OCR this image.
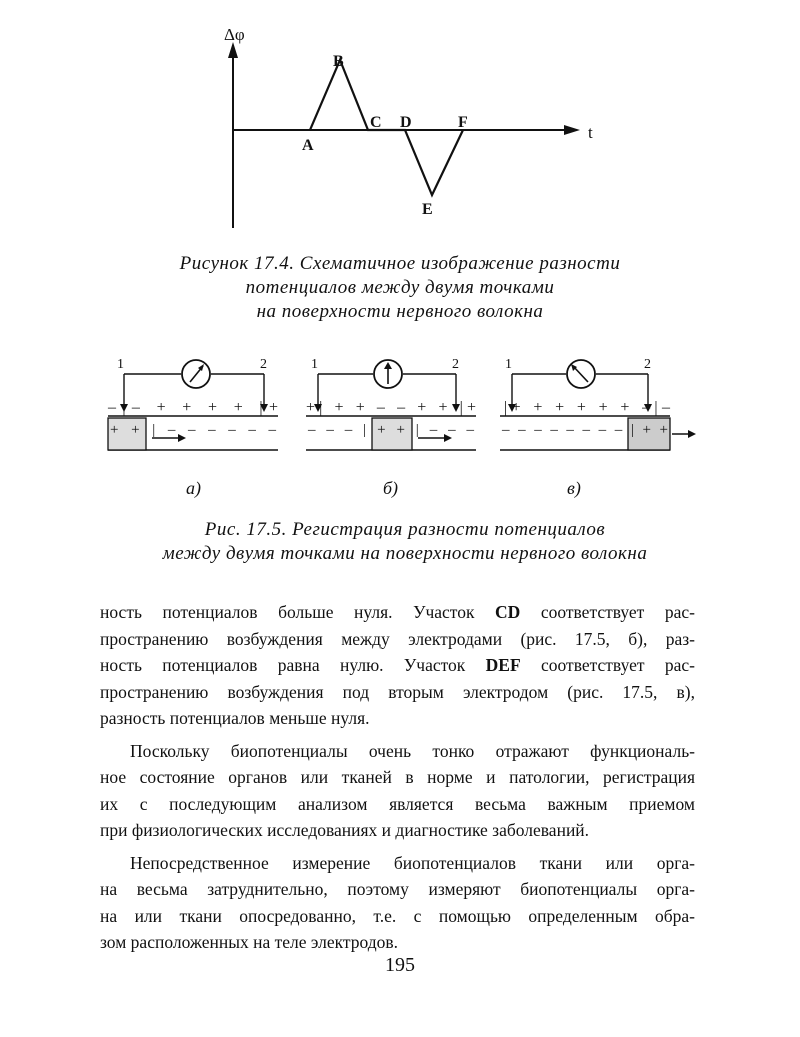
Δφ
t
A
B
C D
E
F
Рисунок 17.4. Схематичное изображение разности
потенциалов между двумя точками
на поверхности нервного волокна
1	2
–|– + + + + |+
+ + | – – – – – –
1	2
+| + + – – + + |+
– – – | + + | – – –
1	2
|+ + + + + + –|–
– – – – – – – – | + +
а)	б)	в)
Рис. 17.5. Регистрация разности потенциалов
между двумя точками на поверхности нервного волокна

ность потенциалов больше нуля. Участок CD соответствует рас-
пространению возбуждения между электродами (рис. 17.5, б), раз-
ность потенциалов равна нулю. Участок DEF соответствует рас-
пространению возбуждения под вторым электродом (рис. 17.5, в),
разность потенциалов меньше нуля.

Поскольку биопотенциалы очень тонко отражают функциональ-
ное состояние органов или тканей в норме и патологии, регистрация
их с последующим анализом является весьма важным приемом
при физиологических исследованиях и диагностике заболеваний.

Непосредственное измерение биопотенциалов ткани или орга-
на весьма затруднительно, поэтому измеряют биопотенциалы орга-
на или ткани опосредованно, т.е. с помощью определенным обра-
зом расположенных на теле электродов.

195
